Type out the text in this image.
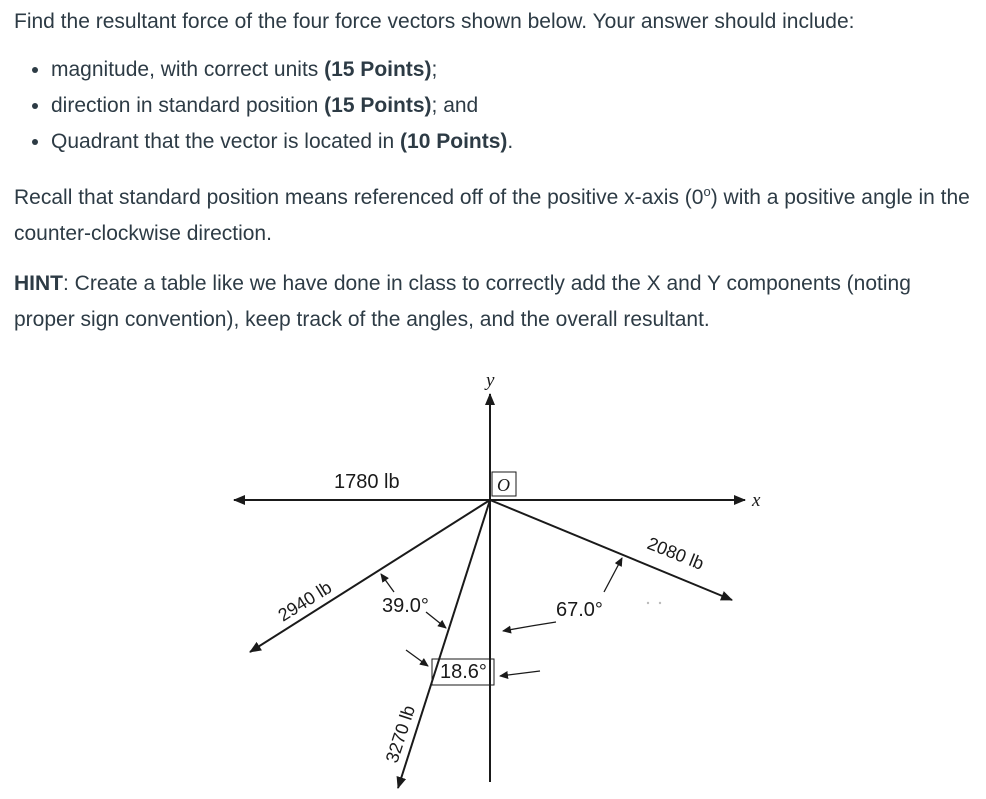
Find the resultant force of the four force vectors shown below. Your answer should include:

• magnitude, with correct units (15 Points);
• direction in standard position (15 Points); and
• Quadrant that the vector is located in (10 Points).

Recall that standard position means referenced off of the positive x-axis (0$^o$) with a positive angle in the counter-clockwise direction.

HINT: Create a table like we have done in class to correctly add the X and Y components (noting proper sign convention), keep track of the angles, and the overall resultant.

y
x
O
1780 lb
2080 lb
2940 lb
3270 lb
39.0°	67.0°
18.6°
